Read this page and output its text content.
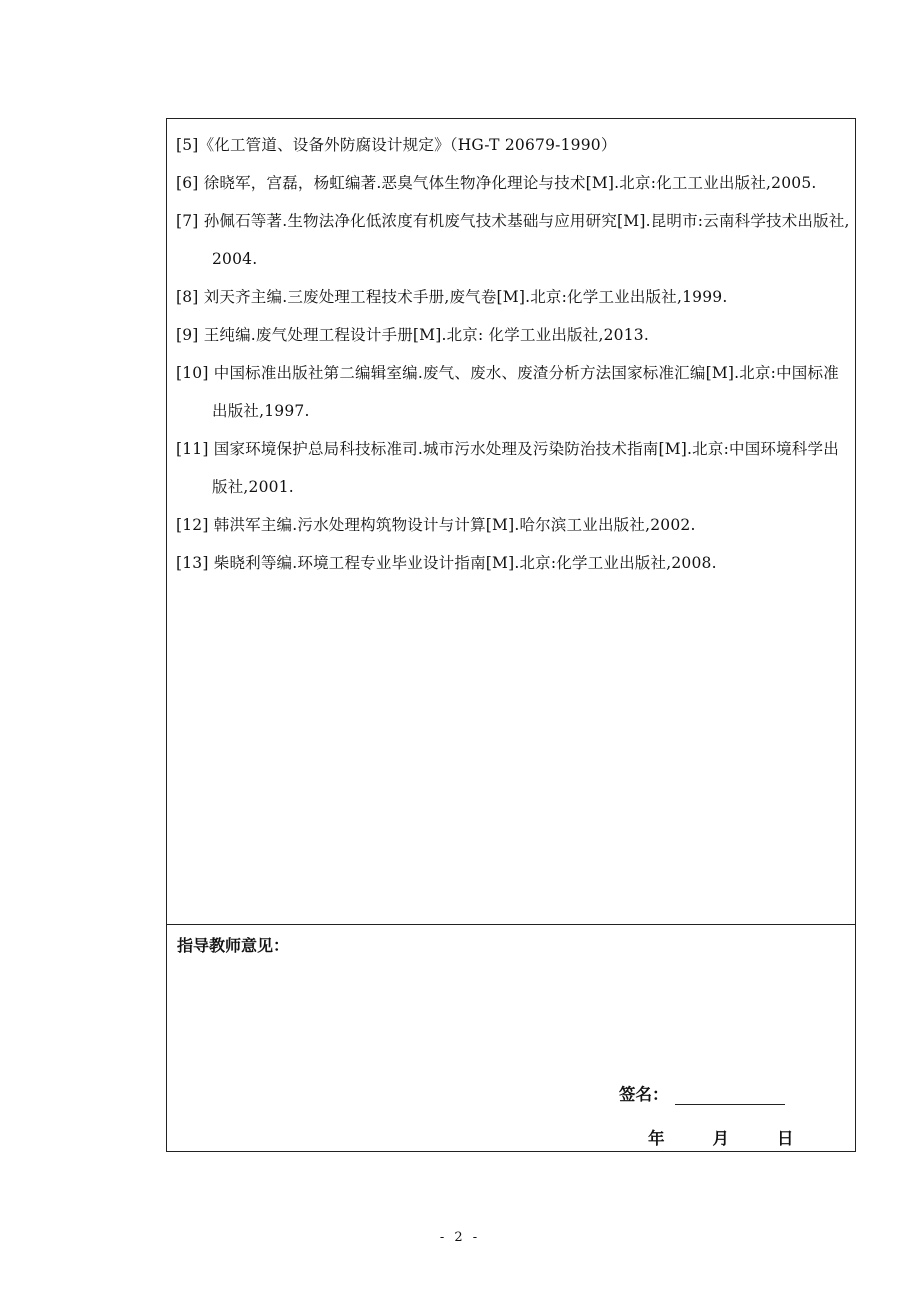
[5]《化工管道、设备外防腐设计规定》（HG-T 20679-1990）
[6] 徐晓军，宫磊，杨虹编著.恶臭气体生物净化理论与技术[M].北京:化工工业出版社,2005.
[7] 孙佩石等著.生物法净化低浓度有机废气技术基础与应用研究[M].昆明市:云南科学技术出版社,2004.
[8] 刘天齐主编.三废处理工程技术手册,废气卷[M].北京:化学工业出版社,1999.
[9] 王纯编.废气处理工程设计手册[M].北京: 化学工业出版社,2013.
[10] 中国标准出版社第二编辑室编.废气、废水、废渣分析方法国家标准汇编[M].北京:中国标准出版社,1997.
[11] 国家环境保护总局科技标准司.城市污水处理及污染防治技术指南[M].北京:中国环境科学出版社,2001.
[12] 韩洪军主编.污水处理构筑物设计与计算[M].哈尔滨工业出版社,2002.
[13] 柴晓利等编.环境工程专业毕业设计指南[M].北京:化学工业出版社,2008.
指导教师意见：
签名：
年	月	日
- 2 -
